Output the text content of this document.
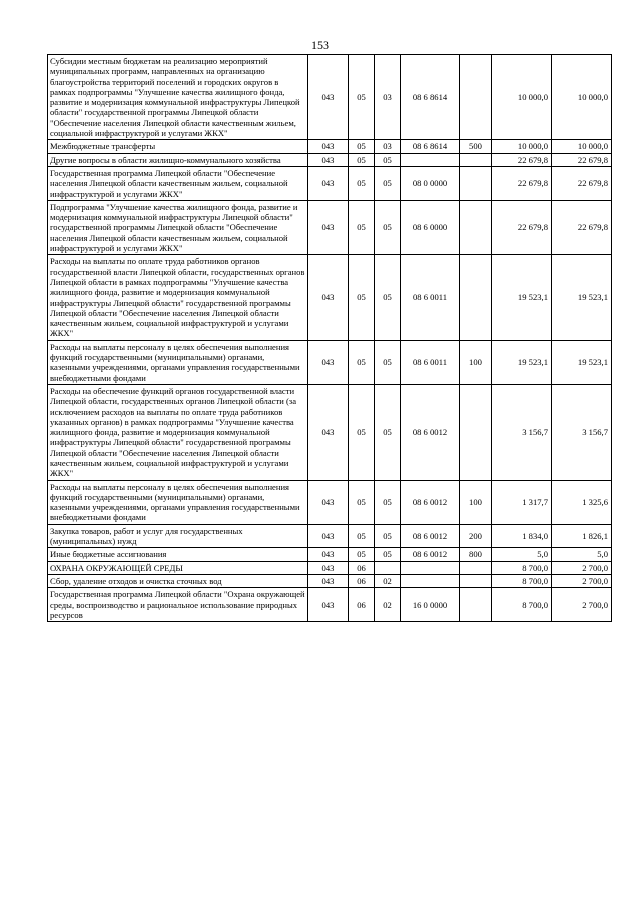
153
Субсидии местным бюджетам на реализацию мероприятий муниципальных программ, направленных на организацию благоустройства территорий поселений и городских округов в рамках подпрограммы "Улучшение качества жилищного фонда, развитие и модернизация коммунальной инфраструктуры Липецкой области" государственной программы Липецкой области "Обеспечение населения Липецкой области качественным жильем, социальной инфраструктурой и услугами ЖКХ"	043	05	03	08 6 8614		10 000,0	10 000,0
Межбюджетные трансферты	043	05	03	08 6 8614	500	10 000,0	10 000,0
Другие вопросы в области жилищно-коммунального хозяйства	043	05	05			22 679,8	22 679,8
Государственная программа Липецкой области "Обеспечение населения Липецкой области качественным жильем, социальной инфраструктурой и услугами ЖКХ"	043	05	05	08 0 0000		22 679,8	22 679,8
Подпрограмма "Улучшение качества жилищного фонда, развитие и модернизация коммунальной инфраструктуры Липецкой области" государственной программы Липецкой области "Обеспечение населения Липецкой области качественным жильем, социальной инфраструктурой и услугами ЖКХ"	043	05	05	08 6 0000		22 679,8	22 679,8
Расходы на выплаты по оплате труда работников органов государственной власти Липецкой области, государственных органов Липецкой области в рамках подпрограммы "Улучшение качества жилищного фонда, развитие и модернизация коммунальной инфраструктуры Липецкой области" государственной программы Липецкой области "Обеспечение населения Липецкой области качественным жильем, социальной инфраструктурой и услугами ЖКХ"	043	05	05	08 6 0011		19 523,1	19 523,1
Расходы на выплаты персоналу в целях обеспечения выполнения функций государственными (муниципальными) органами, казенными учреждениями, органами управления государственными внебюджетными фондами	043	05	05	08 6 0011	100	19 523,1	19 523,1
Расходы на обеспечение функций органов государственной власти Липецкой области, государственных органов Липецкой области (за исключением расходов на выплаты по оплате труда работников указанных органов) в рамках подпрограммы "Улучшение качества жилищного фонда, развитие и модернизация коммунальной инфраструктуры Липецкой области" государственной программы Липецкой области "Обеспечение населения Липецкой области качественным жильем, социальной инфраструктурой и услугами ЖКХ"	043	05	05	08 6 0012		3 156,7	3 156,7
Расходы на выплаты персоналу в целях обеспечения выполнения функций государственными (муниципальными) органами, казенными учреждениями, органами управления государственными внебюджетными фондами	043	05	05	08 6 0012	100	1 317,7	1 325,6
Закупка товаров, работ и услуг для государственных (муниципальных) нужд	043	05	05	08 6 0012	200	1 834,0	1 826,1
Иные бюджетные ассигнования	043	05	05	08 6 0012	800	5,0	5,0
ОХРАНА ОКРУЖАЮЩЕЙ СРЕДЫ	043	06				8 700,0	2 700,0
Сбор, удаление отходов и очистка сточных вод	043	06	02			8 700,0	2 700,0
Государственная программа Липецкой области "Охрана окружающей среды, воспроизводство и рациональное использование природных ресурсов	043	06	02	16 0 0000		8 700,0	2 700,0
